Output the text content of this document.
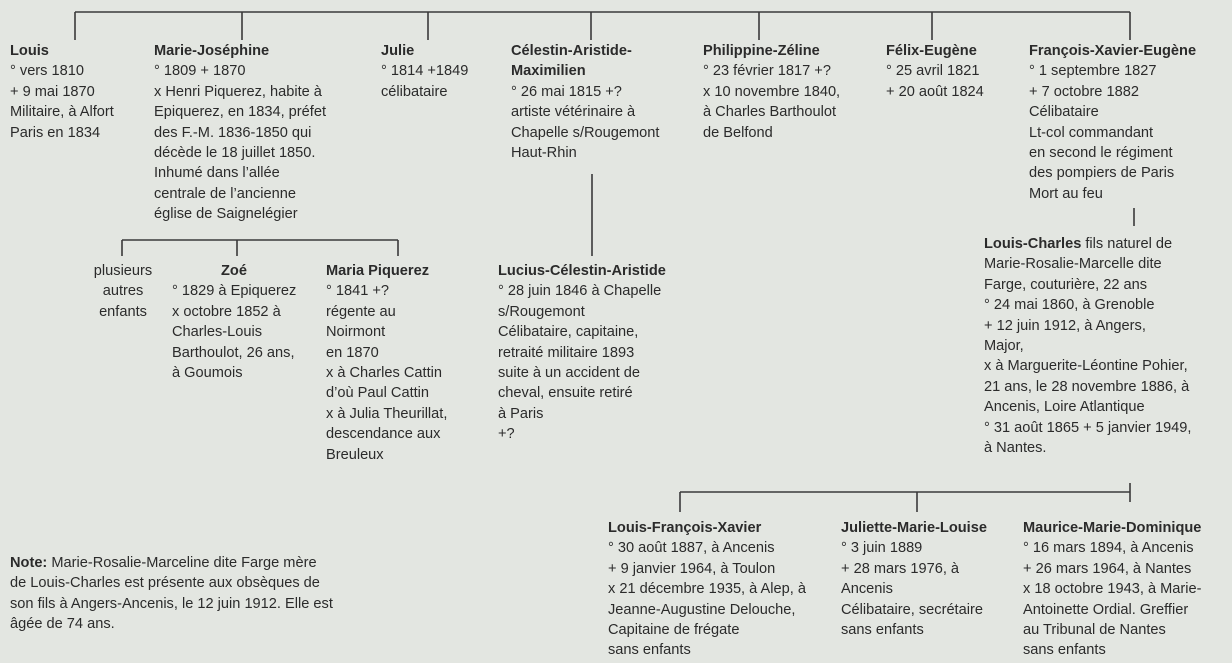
Louis
° vers 1810
+ 9 mai 1870
Militaire, à Alfort
Paris en 1834
Marie-Joséphine
° 1809 + 1870
x Henri Piquerez, habite à
Epiquerez, en 1834, préfet
des F.-M. 1836-1850 qui
décède le 18 juillet 1850.
Inhumé dans l’allée
centrale de l’ancienne
église de Saignelégier
Julie
° 1814 +1849
célibataire
Célestin-Aristide-
Maximilien
° 26 mai 1815 +?
artiste vétérinaire à
Chapelle s/Rougemont
Haut-Rhin
Philippine-Zéline
° 23 février 1817 +?
x 10 novembre 1840,
à Charles Barthoulot
de Belfond
Félix-Eugène
° 25 avril 1821
+ 20 août 1824
François-Xavier-Eugène
° 1 septembre 1827
+ 7 octobre 1882
Célibataire
Lt-col commandant
en second le régiment
des pompiers de Paris
Mort au feu
plusieurs
autres
enfants
Zoé
° 1829 à Epiquerez
x octobre 1852 à
Charles-Louis
Barthoulot, 26 ans,
à Goumois
Maria Piquerez
° 1841 +?
régente au
Noirmont
en 1870
x à Charles Cattin
d’où Paul Cattin
x à Julia Theurillat,
descendance aux
Breuleux
Lucius-Célestin-Aristide
° 28 juin 1846 à Chapelle
s/Rougemont
Célibataire, capitaine,
retraité militaire 1893
suite à un accident de
cheval, ensuite retiré
à Paris
+?
Louis-Charles fils naturel de
Marie-Rosalie-Marcelle dite
Farge, couturière, 22 ans
° 24 mai 1860, à Grenoble
+ 12 juin 1912, à Angers,
Major,
x à Marguerite-Léontine Pohier,
21 ans, le 28 novembre 1886, à
Ancenis, Loire Atlantique
° 31 août 1865 + 5 janvier 1949,
à Nantes.
Louis-François-Xavier
° 30 août 1887, à Ancenis
+ 9 janvier 1964, à Toulon
x 21 décembre 1935, à Alep, à
Jeanne-Augustine Delouche,
Capitaine de frégate
sans enfants
Juliette-Marie-Louise
° 3 juin 1889
+ 28 mars 1976, à
Ancenis
Célibataire, secrétaire
sans enfants
Maurice-Marie-Dominique
° 16 mars 1894, à Ancenis
+ 26 mars 1964, à Nantes
x 18 octobre 1943, à Marie-
Antoinette Ordial. Greffier
au Tribunal de Nantes
sans enfants
Note: Marie-Rosalie-Marceline dite Farge mère
de Louis-Charles est présente aux obsèques de
son fils à Angers-Ancenis, le 12 juin 1912. Elle est
âgée de 74 ans.
